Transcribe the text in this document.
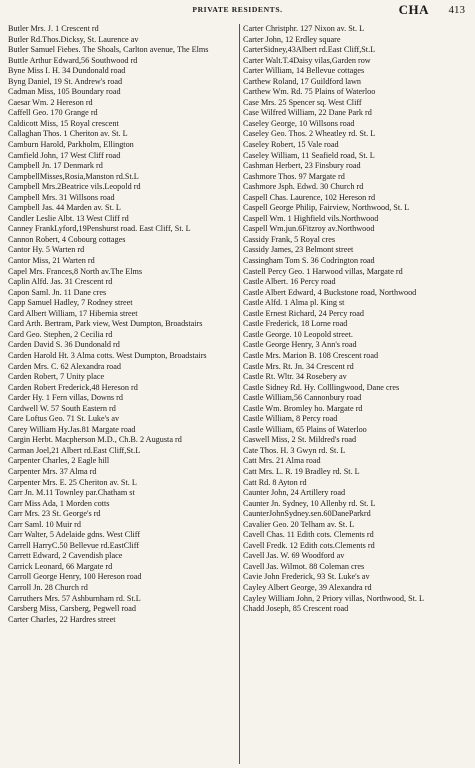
PRIVATE RESIDENTS.	CHA 413

Butler Mrs. J. 1 Crescent rd

Butler Rd.Thos.Dicksy, St. Laurence av

Butler Samuel Fiebes. The Shoals, Carlton avenue, The Elms

Buttle Arthur Edward,56 Southwood rd

Byne Miss I. H. 34 Dundonald road

Byng Daniel, 19 St. Andrew's road

Cadman Miss, 105 Boundary road

Caesar Wm. 2 Hereson rd

Caffell Geo. 170 Grange rd

Caldicott Miss, 15 Royal crescent

Callaghan Thos. 1 Cheriton av. St. L

Camburn Harold, Parkholm, Ellington

Camfield John, 17 West Cliff road

Campbell Jn. 17 Denmark rd

CampbellMisses,Rosia,Manston rd.St.L

Campbell Mrs.2Beatrice vils.Leopold rd

Campbell Mrs. 31 Willsons road

Campbell Jas. 44 Marden av. St. L

Candler Leslie Albt. 13 West Cliff rd

Canney FrankLyford,19Penshurst road. East Cliff, St. L

Cannon Robert, 4 Cobourg cottages

Cantor Hy. 5 Warten rd

Cantor Miss, 21 Warten rd

Capel Mrs. Frances,8 North av.The Elms

Caplin Alfd. Jas. 31 Crescent rd

Capon Saml. Jn. 11 Dane cres

Capp Samuel Hadley, 7 Rodney street

Card Albert William, 17 Hibernia street

Card Arth. Bertram, Park view, West Dumpton, Broadstairs

Card Geo. Stephen, 2 Cecilia rd

Carden David S. 36 Dundonald rd

Carden Harold Ht. 3 Alma cotts. West Dumpton, Broadstairs

Carden Mrs. C. 62 Alexandra road

Carden Robert, 7 Unity place

Carden Robert Frederick,48 Hereson rd

Carder Hy. 1 Fern villas, Downs rd

Cardwell W. 57 South Eastern rd

Care Loftus Geo. 71 St. Luke's av

Carey William Hy.Jas.81 Margate road

Cargin Herbt. Macpherson M.D., Ch.B. 2 Augusta rd

Carman Joel,21 Albert rd.East Cliff,St.L

Carpenter Charles, 2 Eagle hill

Carpenter Mrs. 37 Alma rd

Carpenter Mrs. E. 25 Cheriton av. St. L

Carr Jn. M.11 Townley par.Chatham st

Carr Miss Ada, 1 Morden cotts

Carr Mrs. 23 St. George's rd

Carr Saml. 10 Muir rd

Carr Walter, 5 Adelaide gdns. West Cliff

Carrell HarryC.50 Bellevue rd.EastCliff

Carrett Edward, 2 Cavendish place

Carrick Leonard, 66 Margate rd

Carroll George Henry, 100 Hereson road

Carroll Jn. 28 Church rd

Carruthers Mrs. 57 Ashburnham rd. St.L

Carsberg Miss, Carsberg, Pegwell road

Carter Charles, 22 Hardres street

Carter Christphr. 127 Nixon av. St. L

Carter John, 12 Erdley square

CarterSidney,43Albert rd.East Cliff,St.L

Carter Walt.T.4Daisy vilas,Garden row

Carter William, 14 Bellevue cottages

Carthew Roland, 17 Guildford lawn

Carthew Wm. Rd. 75 Plains of Waterloo

Case Mrs. 25 Spencer sq. West Cliff

Case Wilfred William, 22 Dane Park rd

Caseley George, 10 Willsons road

Caseley Geo. Thos. 2 Wheatley rd. St. L

Caseley Robert, 15 Vale road

Caseley William, 11 Seafield road, St. L

Cashman Herbert, 23 Finsbury road

Cashmore Thos. 97 Margate rd

Cashmore Jsph. Edwd. 30 Church rd

Caspell Chas. Laurence, 102 Hereson rd

Caspell George Philip, Fairview, Northwood, St. L

Caspell Wm. 1 Highfield vils.Northwood

Caspell Wm.jun.6Fitzroy av.Northwood

Cassidy Frank, 5 Royal cres

Cassidy James, 23 Belmont street

Cassingham Tom S. 36 Codrington road

Castell Percy Geo. 1 Harwood villas, Margate rd

Castle Albert. 16 Percy road

Castle Albert Edward, 4 Buckstone road, Northwood

Castle Alfd. 1 Alma pl. King st

Castle Ernest Richard, 24 Percy road

Castle Frederick, 18 Lorne road

Castle George. 10 Leopold street.

Castle George Henry, 3 Ann's road

Castle Mrs. Marion B. 108 Crescent road

Castle Mrs. Rt. Jn. 34 Crescent rd

Castle Rt. Wltr. 34 Rosebery av

Castle Sidney Rd. Hy. Colllingwood, Dane cres

Castle William,56 Cannonbury road

Castle Wm. Bromley ho. Margate rd

Castle William, 8 Percy road

Castle William, 65 Plains of Waterloo

Caswell Miss, 2 St. Mildred's road

Cate Thos. H. 3 Gwyn rd. St. L

Catt Mrs. 21 Alma road

Catt Mrs. L. R. 19 Bradley rd. St. L

Catt Rd. 8 Ayton rd

Caunter John, 24 Artillery road

Caunter Jn. Sydney, 10 Allenby rd. St. L

CaunterJohnSydney.sen.60DaneParkrd

Cavalier Geo. 20 Telham av. St. L

Cavell Chas. 11 Edith cots. Clements rd

Cavell Fredk. 12 Edith cots.Clements rd

Cavell Jas. W. 69 Woodford av

Cavell Jas. Wilmot. 88 Coleman cres

Cavie John Frederick, 93 St. Luke's av

Cayley Albert George, 39 Alexandra rd

Cayley William John, 2 Priory villas, Northwood, St. L

Chadd Joseph, 85 Crescent road
